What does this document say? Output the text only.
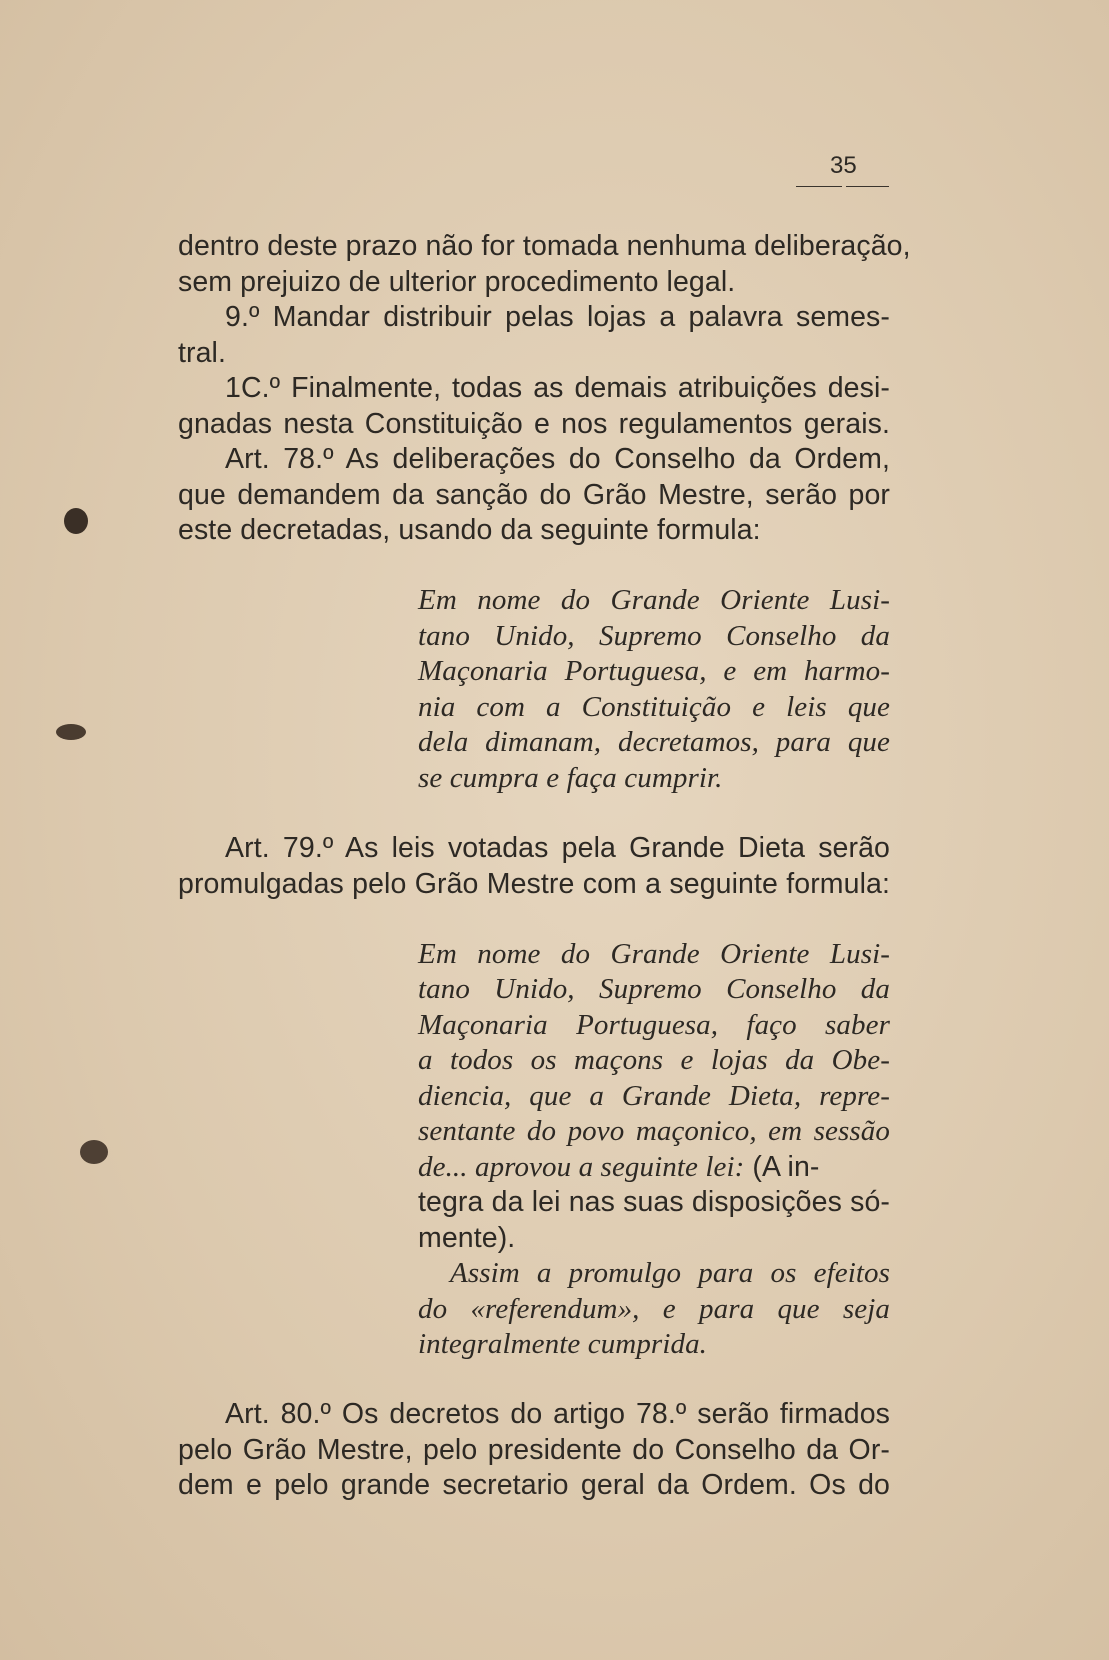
35
dentro deste prazo não for tomada nenhuma deliberação,
sem prejuizo de ulterior procedimento legal.
9.º Mandar distribuir pelas lojas a palavra semes-
tral.
1C.º Finalmente, todas as demais atribuições desi-
gnadas nesta Constituição e nos regulamentos gerais.
Art. 78.º As deliberações do Conselho da Ordem,
que demandem da sanção do Grão Mestre, serão por
este decretadas, usando da seguinte formula:
Em nome do Grande Oriente Lusi-
tano Unido, Supremo Conselho da
Maçonaria Portuguesa, e em harmo-
nia com a Constituição e leis que
dela dimanam, decretamos, para que
se cumpra e faça cumprir.
Art. 79.º As leis votadas pela Grande Dieta serão
promulgadas pelo Grão Mestre com a seguinte formula:
Em nome do Grande Oriente Lusi-
tano Unido, Supremo Conselho da
Maçonaria Portuguesa, faço saber
a todos os maçons e lojas da Obe-
diencia, que a Grande Dieta, repre-
sentante do povo maçonico, em sessão
de... aprovou a seguinte lei: (A in-
tegra da lei nas suas disposições só-
mente).
Assim a promulgo para os efeitos
do «referendum», e para que seja
integralmente cumprida.
Art. 80.º Os decretos do artigo 78.º serão firmados
pelo Grão Mestre, pelo presidente do Conselho da Or-
dem e pelo grande secretario geral da Ordem. Os do
